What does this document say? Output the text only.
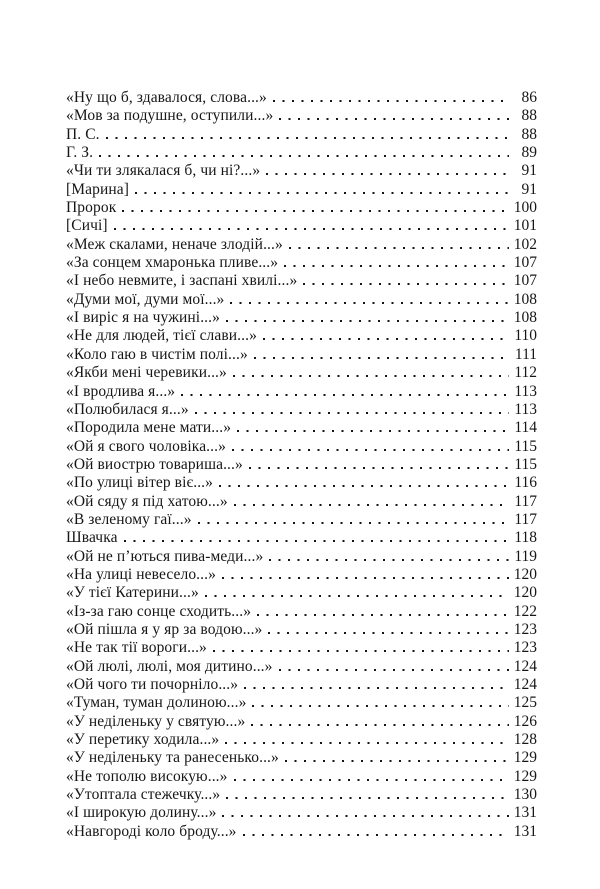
«Ну що б, здавалося, слова...»	86
«Мов за подушне, оступили...»	88
П. С.	88
Г. З.	89
«Чи ти злякалася б, чи ні?...»	91
[Марина]	91
Пророк	100
[Сичі]	101
«Меж скалами, неначе злодій...»	102
«За сонцем хмаронька пливе...»	107
«І небо невмите, і заспані хвилі...»	107
«Думи мої, думи мої...»	108
«І виріс я на чужині...»	108
«Не для людей, тієї слави...»	110
«Коло гаю в чистім полі...»	111
«Якби мені черевики...»	112
«І вродлива я...»	113
«Полюбилася я...»	113
«Породила мене мати...»	114
«Ой я свого чоловіка...»	115
«Ой виострю товариша...»	115
«По улиці вітер віє...»	116
«Ой сяду я під хатою...»	117
«В зеленому гаї...»	117
Швачка	118
«Ой не п’ються пива-меди...»	119
«На улиці невесело...»	120
«У тієї Катерини...»	120
«Із-за гаю сонце сходить...»	122
«Ой пішла я у яр за водою...»	123
«Не так тії вороги...»	123
«Ой люлі, люлі, моя дитино...»	124
«Ой чого ти почорніло...»	124
«Туман, туман долиною...»	125
«У неділеньку у святую...»	126
«У перетику ходила...»	128
«У неділеньку та ранесенько...»	129
«Не тополю високую...»	129
«Утоптала стежечку...»	130
«І широкую долину...»	131
«Навгороді коло броду...»	131
